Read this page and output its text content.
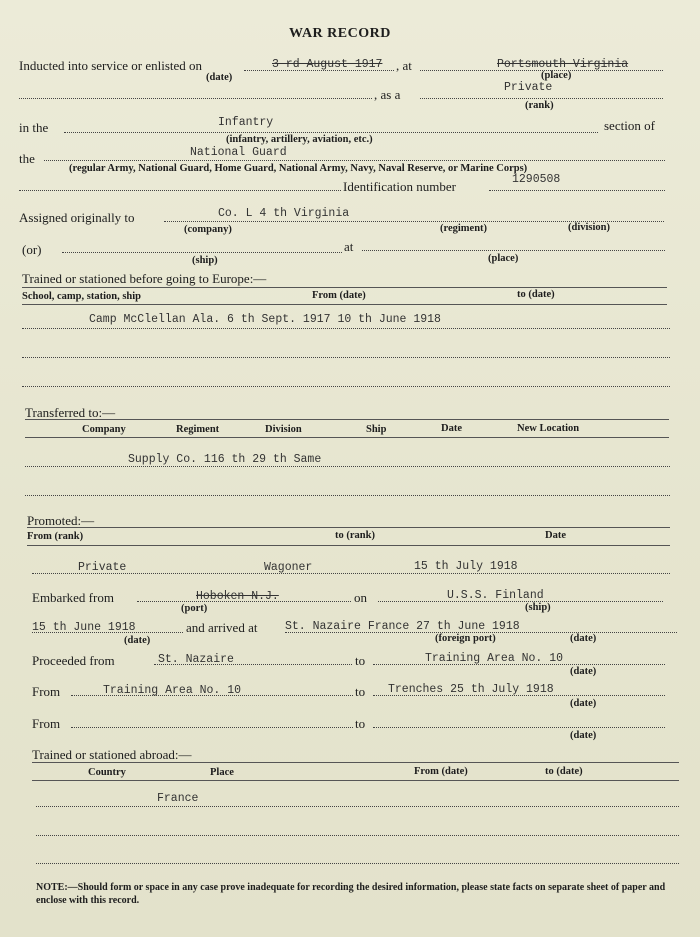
WAR RECORD
Inducted into service or enlisted on	3 rd August 1917 , at	Portsmouth Virginia
(date)	(place)
, as a	Private
(rank)
in the	Infantry	section of
(infantry, artillery, aviation, etc.)
the	National Guard
(regular Army, National Guard, Home Guard, National Army, Navy, Naval Reserve, or Marine Corps)
Identification number	1290508
Assigned originally to	Co. L 4 th Virginia
(company)	(regiment)	(division)
(or)	at
(ship)	(place)
Trained or stationed before going to Europe:—
School, camp, station, ship	From (date)	to (date)
Camp McClellan Ala. 6 th Sept. 1917 10 th June 1918
Transferred to:—
Company	Regiment	Division	Ship	Date	New Location
Supply Co. 116 th 29 th Same
Promoted:—
From (rank)	to (rank)	Date
Private	Wagoner	15 th July 1918
Embarked from	Hoboken N.J.	on	U.S.S. Finland
(port)	(ship)
15 th June 1918	and arrived at St. Nazaire France 27 th June 1918
(date)	(foreign port)	(date)
Proceeded from	St. Nazaire	to	Training Area No. 10
(date)
From	Training Area No. 10	to Trenches 25 th July 1918
(date)
From	to
(date)
Trained or stationed abroad:—
Country	Place	From (date)	to (date)
France
NOTE:—Should form or space in any case prove inadequate for recording the desired information, please state facts on separate sheet of paper and enclose with this record.
